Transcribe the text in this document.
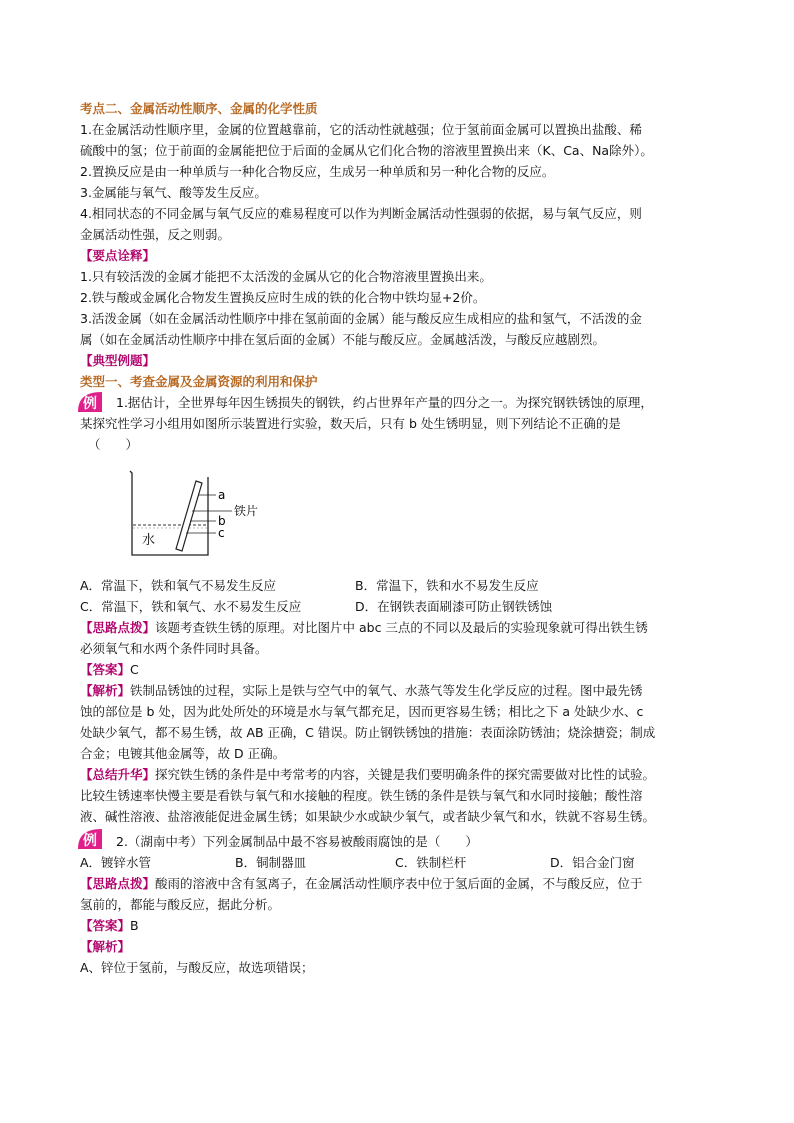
考点二、金属活动性顺序、金属的化学性质
1.在金属活动性顺序里，金属的位置越靠前，它的活动性就越强；位于氢前面金属可以置换出盐酸、稀
硫酸中的氢；位于前面的金属能把位于后面的金属从它们化合物的溶液里置换出来（K、Ca、Na除外）。
2.置换反应是由一种单质与一种化合物反应，生成另一种单质和另一种化合物的反应。
3.金属能与氧气、酸等发生反应。
4.相同状态的不同金属与氧气反应的难易程度可以作为判断金属活动性强弱的依据，易与氧气反应，则
金属活动性强，反之则弱。
【要点诠释】
1.只有较活泼的金属才能把不太活泼的金属从它的化合物溶液里置换出来。
2.铁与酸或金属化合物发生置换反应时生成的铁的化合物中铁均显+2价。
3.活泼金属（如在金属活动性顺序中排在氢前面的金属）能与酸反应生成相应的盐和氢气，不活泼的金
属（如在金属活动性顺序中排在氢后面的金属）不能与酸反应。金属越活泼，与酸反应越剧烈。
【典型例题】
类型一、考查金属及金属资源的利用和保护
例	1.据估计，全世界每年因生锈损失的钢铁，约占世界年产量的四分之一。为探究钢铁锈蚀的原理，
某探究性学习小组用如图所示装置进行实验，数天后，只有 b 处生锈明显，则下列结论不正确的是
（　　）
水
a
铁片
b
c
A．常温下，铁和氧气不易发生反应	B．常温下，铁和水不易发生反应
C．常温下，铁和氧气、水不易发生反应	D．在钢铁表面刷漆可防止钢铁锈蚀
【思路点拨】该题考查铁生锈的原理。对比图片中 abc 三点的不同以及最后的实验现象就可得出铁生锈
必须氧气和水两个条件同时具备。
【答案】C
【解析】铁制品锈蚀的过程，实际上是铁与空气中的氧气、水蒸气等发生化学反应的过程。图中最先锈
蚀的部位是 b 处，因为此处所处的环境是水与氧气都充足，因而更容易生锈；相比之下 a 处缺少水、c
处缺少氧气，都不易生锈，故 AB 正确，C 错误。防止钢铁锈蚀的措施：表面涂防锈油；烧涂搪瓷；制成
合金；电镀其他金属等，故 D 正确。
【总结升华】探究铁生锈的条件是中考常考的内容，关键是我们要明确条件的探究需要做对比性的试验。
比较生锈速率快慢主要是看铁与氧气和水接触的程度。铁生锈的条件是铁与氧气和水同时接触；酸性溶
液、碱性溶液、盐溶液能促进金属生锈；如果缺少水或缺少氧气，或者缺少氧气和水，铁就不容易生锈。
例	2.（湖南中考）下列金属制品中最不容易被酸雨腐蚀的是（　　）
A．镀锌水管	B．铜制器皿	C．铁制栏杆	D．铝合金门窗
【思路点拨】酸雨的溶液中含有氢离子，在金属活动性顺序表中位于氢后面的金属，不与酸反应，位于
氢前的，都能与酸反应，据此分析。
【答案】B
【解析】
A、锌位于氢前，与酸反应，故选项错误；
